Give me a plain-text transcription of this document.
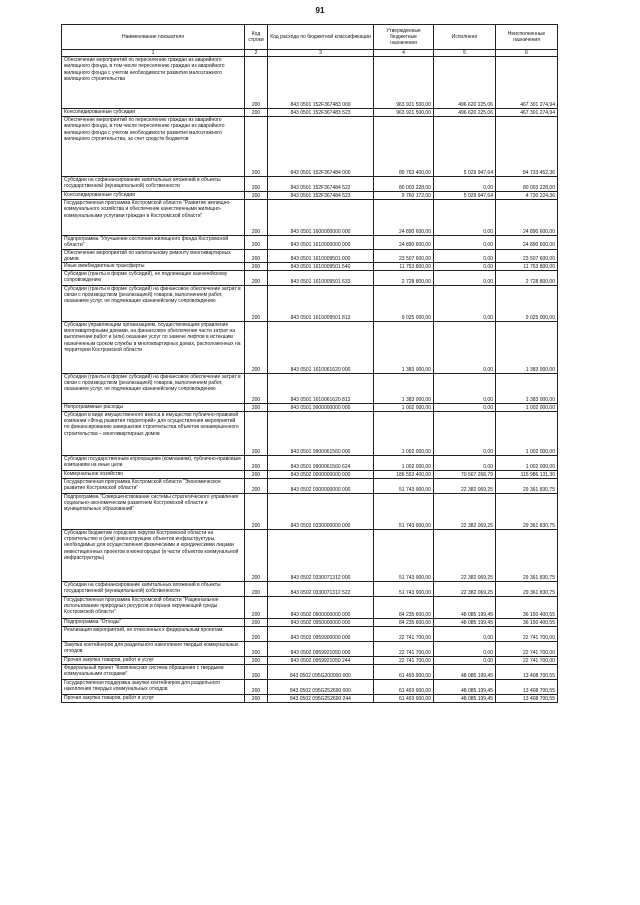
91
Наименование показателя	Код строки	Код расхода по бюджетной классификации	Утвержденные бюджетные назначения	Исполнено	Неисполненные назначения
1	2	3	4	5	6
Обеспечение мероприятий по переселению граждан из аварийного жилищного фонда, в том числе переселению граждан из аварийного жилищного фонда с учетом необходимости развития малоэтажного жилищного строительства	200	843 0501 152F367483 000	963 921 500,00	496 620 225,06	467 301 274,94
Консолидированные субсидии	200	843 0501 152F367483 523	963 921 500,00	496 620 225,06	467 301 274,94
Обеспечение мероприятий по переселению граждан из аварийного жилищного фонда, в том числе переселению граждан из аварийного жилищного фонда с учетом необходимости развития малоэтажного жилищного строительства, за счет средств бюджетов	200	843 0501 152F367484 000	89 763 400,00	5 029 947,64	84 733 452,36
Субсидии на софинансирование капитальных вложений в объекты государственной (муниципальной) собственности	200	843 0501 152F367484 522	80 003 228,00	0,00	80 003 228,00
Консолидированные субсидии	200	843 0501 152F367484 523	9 760 172,00	5 029 947,64	4 730 224,36
Государственная программа Костромской области "Развитие жилищно-коммунального хозяйства и обеспечение качественными жилищно-коммунальными услугами граждан в Костромской области"	200	843 0501 1600000000 000	24 890 600,00	0,00	24 890 600,00
Подпрограмма "Улучшение состояния жилищного фонда Костромской области"	200	843 0501 1610000000 000	24 890 600,00	0,00	24 890 600,00
Обеспечение мероприятий по капитальному ремонту многоквартирных домов	200	843 0501 1610009501 000	23 507 600,00	0,00	23 507 600,00
Иные межбюджетные трансферты	200	843 0501 1610009501 540	11 753 800,00	0,00	11 753 800,00
Субсидии (гранты в форме субсидий), не подлежащие казначейскому сопровождению	200	843 0501 1610009501 633	2 728 800,00	0,00	2 728 800,00
Субсидии (гранты в форме субсидий) на финансовое обеспечение затрат в связи с производством (реализацией) товаров, выполнением работ, оказанием услуг, не подлежащие казначейскому сопровождению	200	843 0501 1610009501 813	9 025 000,00	0,00	9 025 000,00
Субсидии управляющим организациям, осуществляющим управление многоквартирными домами, на финансовое обеспечение части затрат на выполнение работ и (или) оказание услуг по замене лифтов в истекшим назначенным сроком службы в многоквартирных домах, расположенных на территории Костромской области	200	843 0501 1610061620 000	1 383 000,00	0,00	1 383 000,00
Субсидии (гранты в форме субсидий) на финансовое обеспечение затрат в связи с производством (реализацией) товаров, выполнением работ, оказанием услуг, не подлежащие казначейскому сопровождению	200	843 0501 1610061620 813	1 383 000,00	0,00	1 383 000,00
Непрограммные расходы	200	843 0501 9900000000 000	1 002 000,00	0,00	1 002 000,00
Субсидия в виде имущественного взноса в имущество публично-правовой компании «Фонд развития территорий» для осуществления мероприятий по финансированию завершения строительства объектов незавершенного строительства – многоквартирных домов	200	843 0501 9900061560 000	1 002 000,00	0,00	1 002 000,00
Субсидии государственным корпорациям (компаниям), публично-правовым компаниям на иные цели	200	843 0501 9900061560 624	1 002 000,00	0,00	1 002 000,00
Коммунальное хозяйство	200	843 0502 0000000000 000	186 553 400,00	70 567 268,79	115 986 131,30
Государственная программа Костромской области "Экономическое развитие Костромской области"	200	843 0502 0300000000 000	51 743 900,00	22 382 069,25	29 361 830,75
Подпрограмма "Совершенствование системы стратегического управления социально-экономическим развитием Костромской области и муниципальных образований"	200	843 0502 0330000000 000	51 743 900,00	22 382 069,25	29 361 830,75
Субсидии бюджетам городских округов Костромской области на строительство и (или) реконструкцию объектов инфраструктуры, необходимых для осуществления физическими и юридическими лицами инвестиционных проектов в моногородах (в части объектов коммунальной инфраструктуры)	200	843 0502 0330071312 000	51 743 900,00	22 382 069,25	29 361 830,75
Субсидии на софинансирование капитальных вложений в объекты государственной (муниципальной) собственности	200	843 0502 0330071312 522	51 743 900,00	22 382 069,25	29 361 830,75
Государственная программа Костромской области "Рациональное использование природных ресурсов и охрана окружающей среды Костромской области"	200	843 0502 0900000000 000	84 235 600,00	48 085 199,45	36 150 400,55
Подпрограмма "Отходы"	200	843 0502 0950000000 000	84 235 600,00	48 085 199,45	36 150 400,55
Реализация мероприятий, не отнесенных к федеральным проектам	200	843 0502 0959900000 000	22 741 700,00	0,00	22 741 700,00
Закупка контейнеров для раздельного накопления твердых коммунальных отходов	200	843 0502 0959921050 000	22 741 700,00	0,00	22 741 700,00
Прочая закупка товаров, работ и услуг	200	843 0502 0959921050 244	22 741 700,00	0,00	22 741 700,00
Федеральный проект "Комплексная система обращения с твердыми коммунальными отходами"	200	843 0502 095G200000 000	61 493 900,00	48 085 199,45	13 408 700,55
Государственная поддержка закупки контейнеров для раздельного накопления твердых коммунальных отходов	200	843 0502 095G252690 000	61 493 900,00	48 085 199,45	13 408 700,55
Прочая закупка товаров, работ и услуг	200	843 0502 095G252690 244	61 493 900,00	48 085 199,45	13 408 700,55
